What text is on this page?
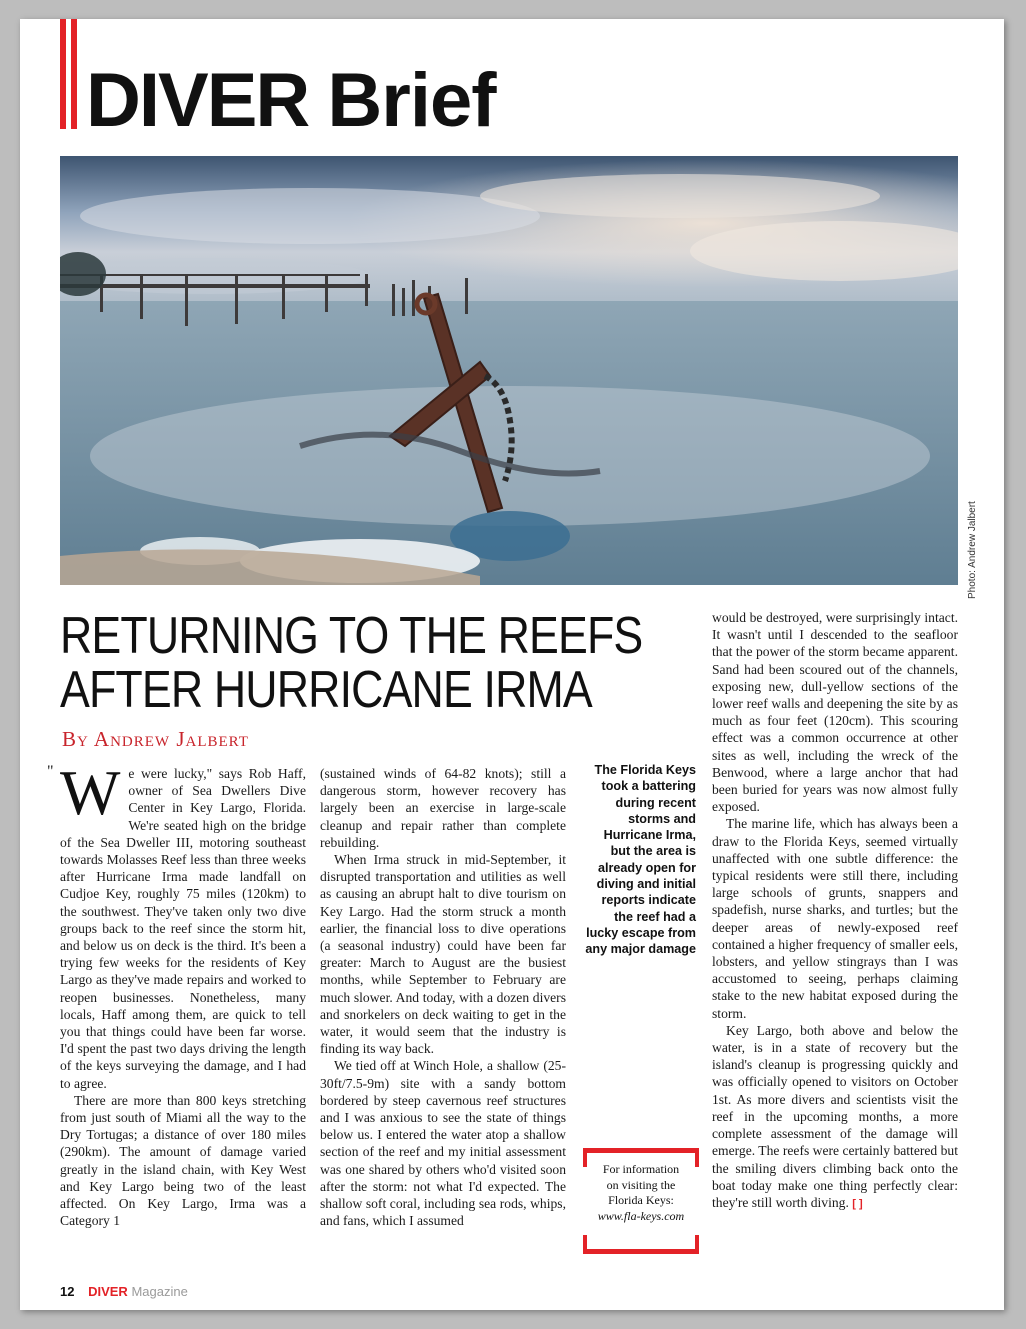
DIVER Brief
Photo: Andrew Jalbert
RETURNING TO THE REEFS
AFTER HURRICANE IRMA
By Andrew Jalbert
" We were lucky," says Rob Haff, owner of Sea Dwellers Dive Center in Key Largo, Florida. We're seated high on the bridge of the Sea Dweller III, motoring southeast towards Molasses Reef less than three weeks after Hurricane Irma made landfall on Cudjoe Key, roughly 75 miles (120km) to the southwest. They've taken only two dive groups back to the reef since the storm hit, and below us on deck is the third. It's been a trying few weeks for the residents of Key Largo as they've made repairs and worked to reopen businesses. Nonetheless, many locals, Haff among them, are quick to tell you that things could have been far worse. I'd spent the past two days driving the length of the keys surveying the damage, and I had to agree.

There are more than 800 keys stretching from just south of Miami all the way to the Dry Tortugas; a distance of over 180 miles (290km). The amount of damage varied greatly in the island chain, with Key West and Key Largo being two of the least affected. On Key Largo, Irma was a Category 1

(sustained winds of 64-82 knots); still a dangerous storm, however recovery has largely been an exercise in large-scale cleanup and repair rather than complete rebuilding.

When Irma struck in mid-September, it disrupted transportation and utilities as well as causing an abrupt halt to dive tourism on Key Largo. Had the storm struck a month earlier, the financial loss to dive operations (a seasonal industry) could have been far greater: March to August are the busiest months, while September to February are much slower. And today, with a dozen divers and snorkelers on deck waiting to get in the water, it would seem that the industry is finding its way back.

We tied off at Winch Hole, a shallow (25-30ft/7.5-9m) site with a sandy bottom bordered by steep cavernous reef structures and I was anxious to see the state of things below us. I entered the water atop a shallow section of the reef and my initial assessment was one shared by others who'd visited soon after the storm: not what I'd expected. The shallow soft coral, including sea rods, whips, and fans, which I assumed

The Florida Keys took a battering during recent storms and Hurricane Irma, but the area is already open for diving and initial reports indicate the reef had a lucky escape from any major damage
For information
on visiting the
Florida Keys:
www.fla-keys.com

would be destroyed, were surprisingly intact. It wasn't until I descended to the seafloor that the power of the storm became apparent. Sand had been scoured out of the channels, exposing new, dull-yellow sections of the lower reef walls and deepening the site by as much as four feet (120cm). This scouring effect was a common occurrence at other sites as well, including the wreck of the Benwood, where a large anchor that had been buried for years was now almost fully exposed.

The marine life, which has always been a draw to the Florida Keys, seemed virtually unaffected with one subtle difference: the typical residents were still there, including large schools of grunts, snappers and spadefish, nurse sharks, and turtles; but the deeper areas of newly-exposed reef contained a higher frequency of smaller eels, lobsters, and yellow stingrays than I was accustomed to seeing, perhaps claiming stake to the new habitat exposed during the storm.

Key Largo, both above and below the water, is in a state of recovery but the island's cleanup is progressing quickly and was officially opened to visitors on October 1st. As more divers and scientists visit the reef in the upcoming months, a more complete assessment of the damage will emerge. The reefs were certainly battered but the smiling divers climbing back onto the boat today make one thing perfectly clear: they're still worth diving. [ ]

12 DIVER Magazine
